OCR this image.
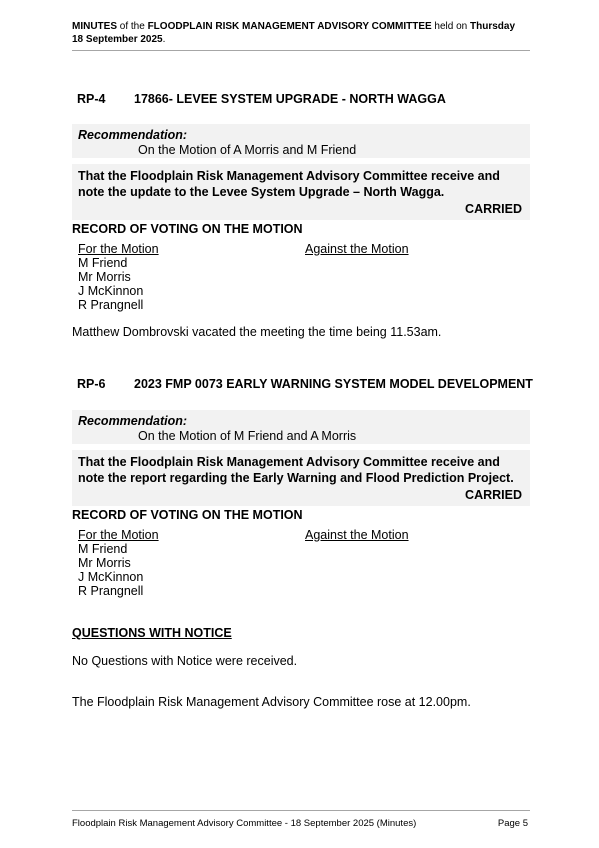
MINUTES of the FLOODPLAIN RISK MANAGEMENT ADVISORY COMMITTEE held on Thursday
18 September 2025.
RP-4 17866- LEVEE SYSTEM UPGRADE - NORTH WAGGA
Recommendation:
On the Motion of A Morris and M Friend
That the Floodplain Risk Management Advisory Committee receive and note the update to the Levee System Upgrade – North Wagga.
CARRIED
RECORD OF VOTING ON THE MOTION
For the Motion	Against the Motion
M Friend
Mr Morris
J McKinnon
R Prangnell
Matthew Dombrovski vacated the meeting the time being 11.53am.
RP-6 2023 FMP 0073 EARLY WARNING SYSTEM MODEL DEVELOPMENT
Recommendation:
On the Motion of M Friend and A Morris
That the Floodplain Risk Management Advisory Committee receive and note the report regarding the Early Warning and Flood Prediction Project.
CARRIED
RECORD OF VOTING ON THE MOTION
For the Motion	Against the Motion
M Friend
Mr Morris
J McKinnon
R Prangnell
QUESTIONS WITH NOTICE
No Questions with Notice were received.
The Floodplain Risk Management Advisory Committee rose at 12.00pm.
Floodplain Risk Management Advisory Committee - 18 September 2025 (Minutes)	Page 5
